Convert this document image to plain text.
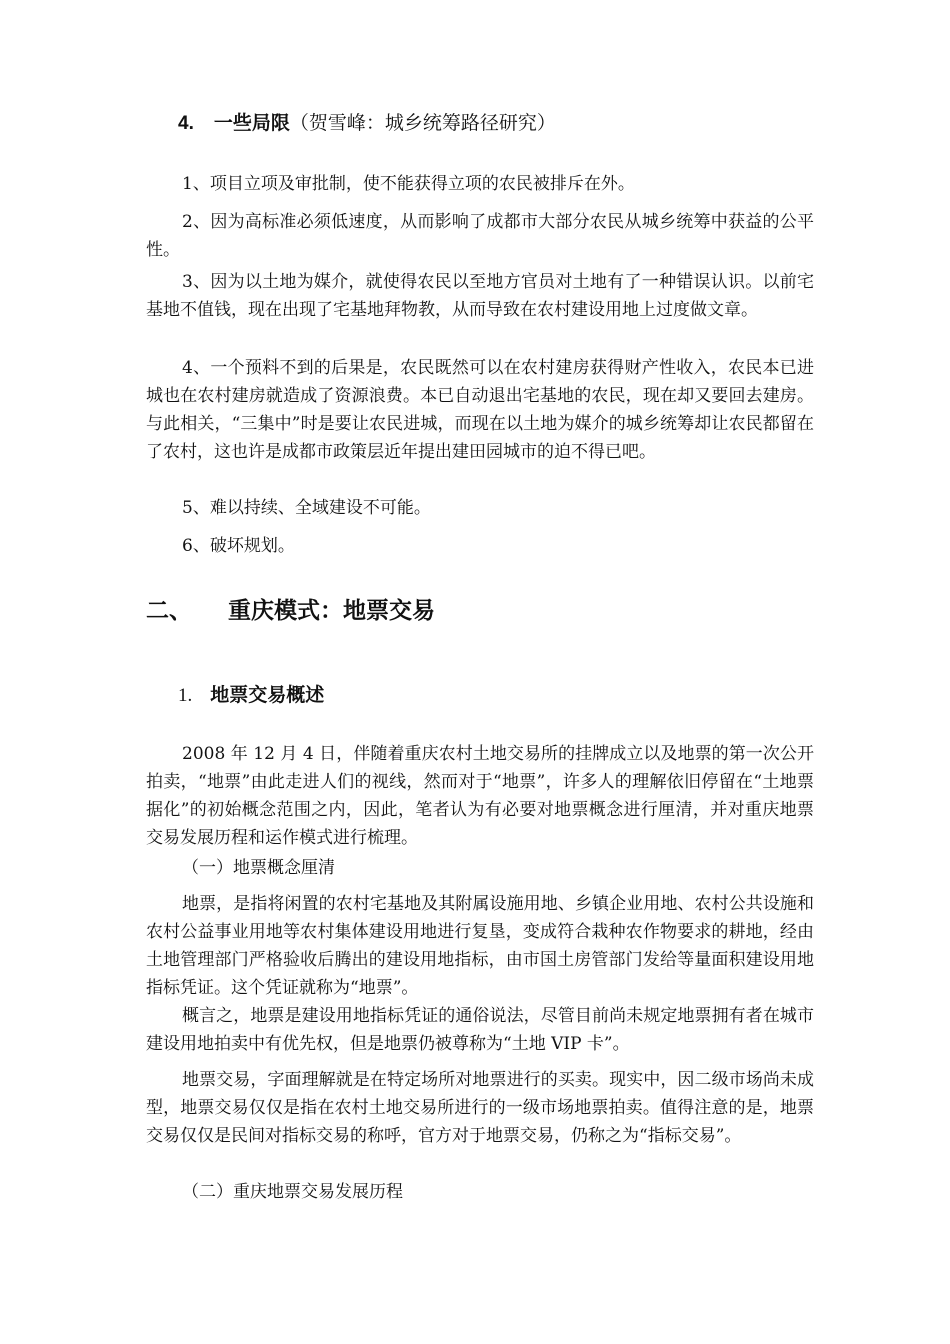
4. 一些局限（贺雪峰：城乡统筹路径研究）

1、项目立项及审批制，使不能获得立项的农民被排斥在外。

2、因为高标准必须低速度，从而影响了成都市大部分农民从城乡统筹中获益的公平性。

3、因为以土地为媒介，就使得农民以至地方官员对土地有了一种错误认识。以前宅基地不值钱，现在出现了宅基地拜物教，从而导致在农村建设用地上过度做文章。

4、一个预料不到的后果是，农民既然可以在农村建房获得财产性收入，农民本已进城也在农村建房就造成了资源浪费。本已自动退出宅基地的农民，现在却又要回去建房。与此相关，“三集中”时是要让农民进城，而现在以土地为媒介的城乡统筹却让农民都留在了农村，这也许是成都市政策层近年提出建田园城市的迫不得已吧。

5、难以持续、全域建设不可能。

6、破坏规划。

二、 重庆模式：地票交易
1. 地票交易概述

2008 年 12 月 4 日，伴随着重庆农村土地交易所的挂牌成立以及地票的第一次公开拍卖，“地票”由此走进人们的视线，然而对于“地票”，许多人的理解依旧停留在“土地票据化”的初始概念范围之内，因此，笔者认为有必要对地票概念进行厘清，并对重庆地票交易发展历程和运作模式进行梳理。

（一）地票概念厘清

地票，是指将闲置的农村宅基地及其附属设施用地、乡镇企业用地、农村公共设施和农村公益事业用地等农村集体建设用地进行复垦，变成符合栽种农作物要求的耕地，经由土地管理部门严格验收后腾出的建设用地指标，由市国土房管部门发给等量面积建设用地指标凭证。这个凭证就称为“地票”。

概言之，地票是建设用地指标凭证的通俗说法，尽管目前尚未规定地票拥有者在城市建设用地拍卖中有优先权，但是地票仍被尊称为“土地 VIP 卡”。

地票交易，字面理解就是在特定场所对地票进行的买卖。现实中，因二级市场尚未成型，地票交易仅仅是指在农村土地交易所进行的一级市场地票拍卖。值得注意的是，地票交易仅仅是民间对指标交易的称呼，官方对于地票交易，仍称之为“指标交易”。

（二）重庆地票交易发展历程
